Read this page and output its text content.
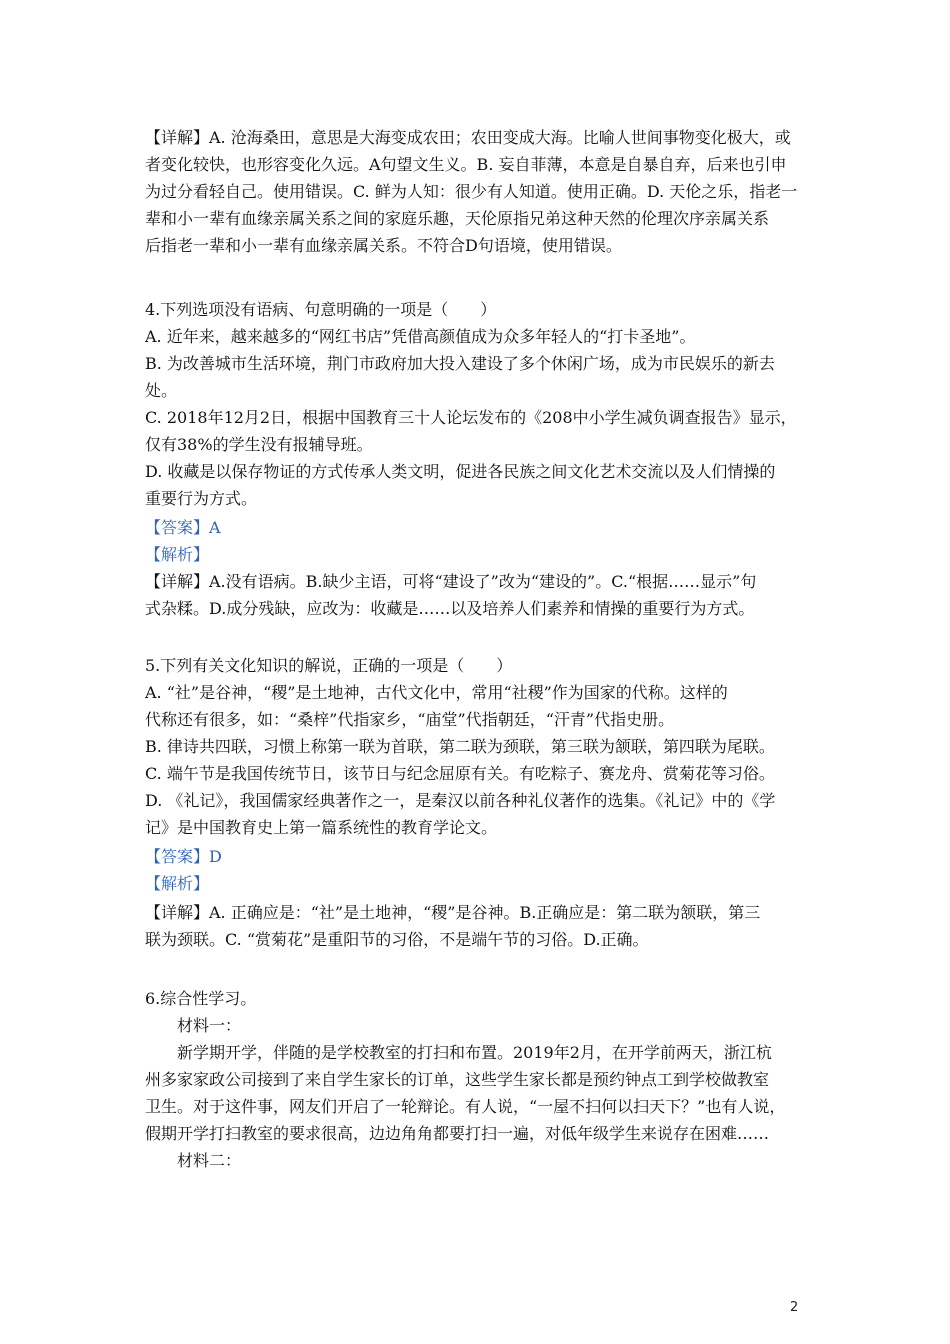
【详解】A. 沧海桑田，意思是大海变成农田；农田变成大海。比喻人世间事物变化极大，或
者变化较快，也形容变化久远。A句望文生义。B. 妄自菲薄，本意是自暴自弃，后来也引申
为过分看轻自己。使用错误。C. 鲜为人知：很少有人知道。使用正确。D. 天伦之乐，指老一
辈和小一辈有血缘亲属关系之间的家庭乐趣，天伦原指兄弟这种天然的伦理次序亲属关系
后指老一辈和小一辈有血缘亲属关系。不符合D句语境，使用错误。
4.下列选项没有语病、句意明确的一项是（　　）
A. 近年来，越来越多的“网红书店”凭借高颜值成为众多年轻人的“打卡圣地”。
B. 为改善城市生活环境，荆门市政府加大投入建设了多个休闲广场，成为市民娱乐的新去
处。
C. 2018年12月2日，根据中国教育三十人论坛发布的《208中小学生减负调查报告》显示，
仅有38%的学生没有报辅导班。
D. 收藏是以保存物证的方式传承人类文明，促进各民族之间文化艺术交流以及人们情操的
重要行为方式。
【答案】A
【解析】
【详解】A.没有语病。B.缺少主语，可将“建设了”改为“建设的”。C.“根据……显示”句
式杂糅。D.成分残缺，应改为：收藏是……以及培养人们素养和情操的重要行为方式。
5.下列有关文化知识的解说，正确的一项是（　　）
A. “社”是谷神，“稷”是土地神，古代文化中，常用“社稷”作为国家的代称。这样的
代称还有很多，如：“桑梓”代指家乡，“庙堂”代指朝廷，“汗青”代指史册。
B. 律诗共四联，习惯上称第一联为首联，第二联为颈联，第三联为颔联，第四联为尾联。
C. 端午节是我国传统节日，该节日与纪念屈原有关。有吃粽子、赛龙舟、赏菊花等习俗。
D. 《礼记》，我国儒家经典著作之一，是秦汉以前各种礼仪著作的选集。《礼记》中的《学
记》是中国教育史上第一篇系统性的教育学论文。
【答案】D
【解析】
【详解】A. 正确应是：“社”是土地神，“稷”是谷神。B.正确应是：第二联为颔联，第三
联为颈联。C. “赏菊花”是重阳节的习俗，不是端午节的习俗。D.正确。
6.综合性学习。
材料一：
新学期开学，伴随的是学校教室的打扫和布置。2019年2月，在开学前两天，浙江杭
州多家家政公司接到了来自学生家长的订单，这些学生家长都是预约钟点工到学校做教室
卫生。对于这件事，网友们开启了一轮辩论。有人说，“一屋不扫何以扫天下？”也有人说，
假期开学打扫教室的要求很高，边边角角都要打扫一遍，对低年级学生来说存在困难……
材料二：
2
